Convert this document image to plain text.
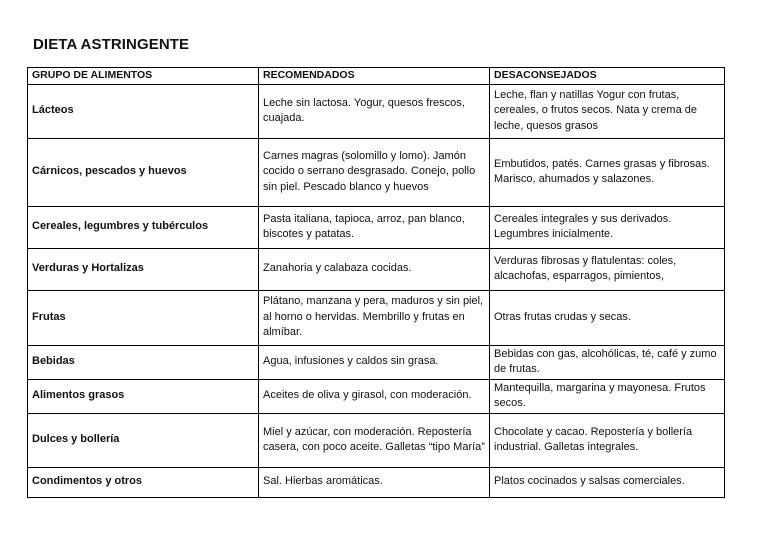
DIETA ASTRINGENTE
GRUPO DE ALIMENTOS	RECOMENDADOS	DESACONSEJADOS
Lácteos	Leche sin lactosa. Yogur, quesos frescos, cuajada.	Leche, flan y natillas Yogur con frutas, cereales, o frutos secos. Nata y crema de leche, quesos grasos
Cárnicos, pescados y huevos	Carnes magras (solomillo y lomo). Jamón cocido o serrano desgrasado. Conejo, pollo sin piel. Pescado blanco y huevos	Embutidos, patés. Carnes grasas y fibrosas. Marisco, ahumados y salazones.
Cereales, legumbres y tubérculos	Pasta italiana, tapioca, arroz, pan blanco, biscotes y patatas.	Cereales integrales y sus derivados. Legumbres inicialmente.
Verduras y Hortalizas	Zanahoria y calabaza cocidas.	Verduras fibrosas y flatulentas: coles, alcachofas, esparragos, pimientos,
Frutas	Plátano, manzana y pera, maduros y sin piel, al horno o hervidas. Membrillo y frutas en almíbar.	Otras frutas crudas y secas.
Bebidas	Agua, infusiones y caldos sin grasa.	Bebidas con gas, alcohólicas, té, café y zumo de frutas.
Alimentos grasos	Aceites de oliva y girasol, con moderación.	Mantequilla, margarina y mayonesa. Frutos secos.
Dulces y bollería	Miel y azúcar, con moderación. Repostería casera, con poco aceite. Galletas “tipo María”	Chocolate y cacao. Repostería y bollería industrial. Galletas integrales.
Condimentos y otros	Sal. Hierbas aromáticas.	Platos cocinados y salsas comerciales.
